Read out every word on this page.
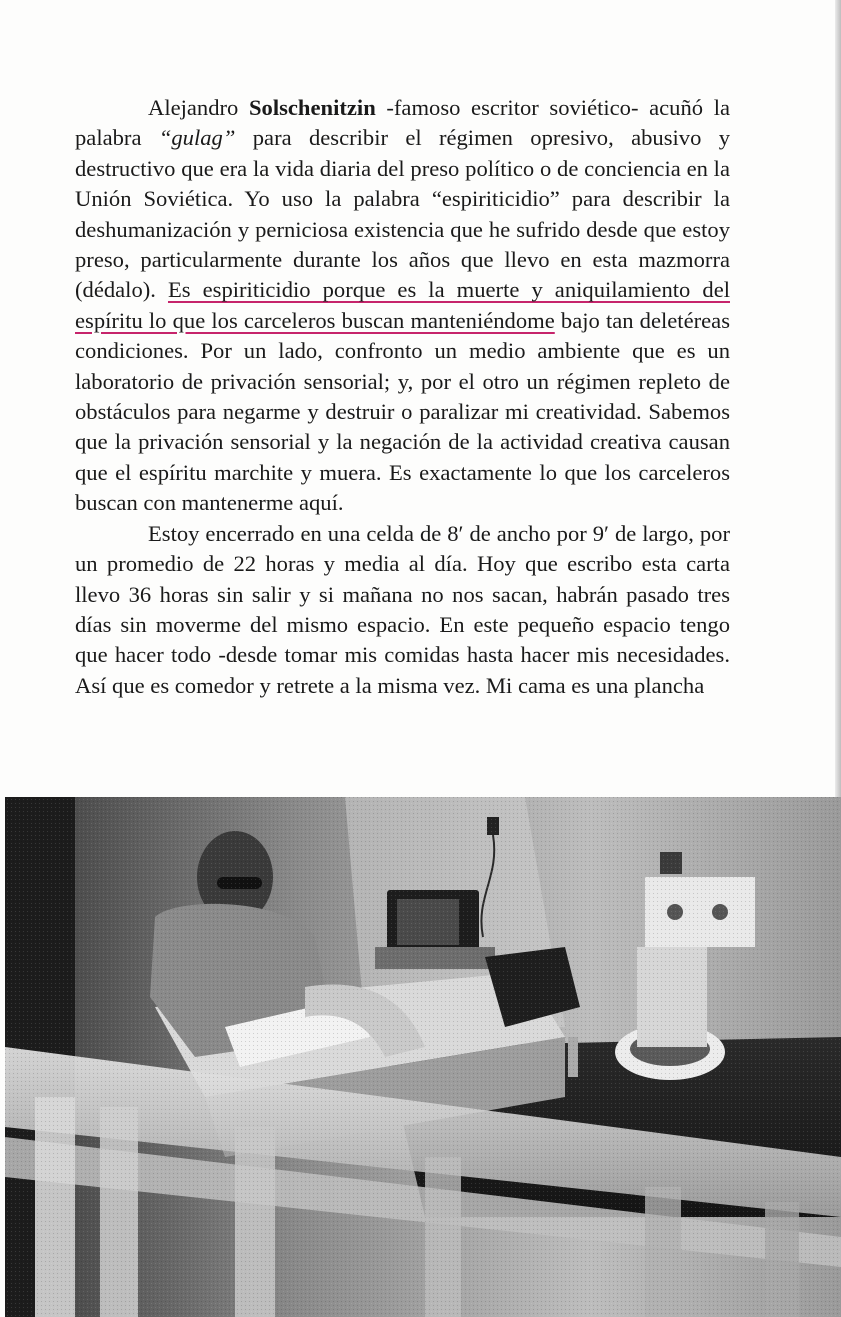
Alejandro Solschenitzin -famoso escritor soviético- acuñó la palabra “gulag” para describir el régimen opresivo, abusivo y destructivo que era la vida diaria del preso político o de conciencia en la Unión Soviética. Yo uso la palabra “espiriticidio” para describir la deshumanización y perniciosa existencia que he sufrido desde que estoy preso, particularmente durante los años que llevo en esta mazmorra (dédalo). Es espiriticidio porque es la muerte y aniquilamiento del espíritu lo que los carceleros buscan manteniéndome bajo tan deletéreas condiciones. Por un lado, confronto un medio ambiente que es un laboratorio de privación sensorial; y, por el otro un régimen repleto de obstáculos para negarme y destruir o paralizar mi creatividad. Sabemos que la privación sensorial y la negación de la actividad creativa causan que el espíritu marchite y muera. Es exactamente lo que los carceleros buscan con mantenerme aquí.

Estoy encerrado en una celda de 8′ de ancho por 9′ de largo, por un promedio de 22 horas y media al día. Hoy que escribo esta carta llevo 36 horas sin salir y si mañana no nos sacan, habrán pasado tres días sin moverme del mismo espacio. En este pequeño espacio tengo que hacer todo -desde tomar mis comidas hasta hacer mis necesidades. Así que es comedor y retrete a la misma vez. Mi cama es una plancha
